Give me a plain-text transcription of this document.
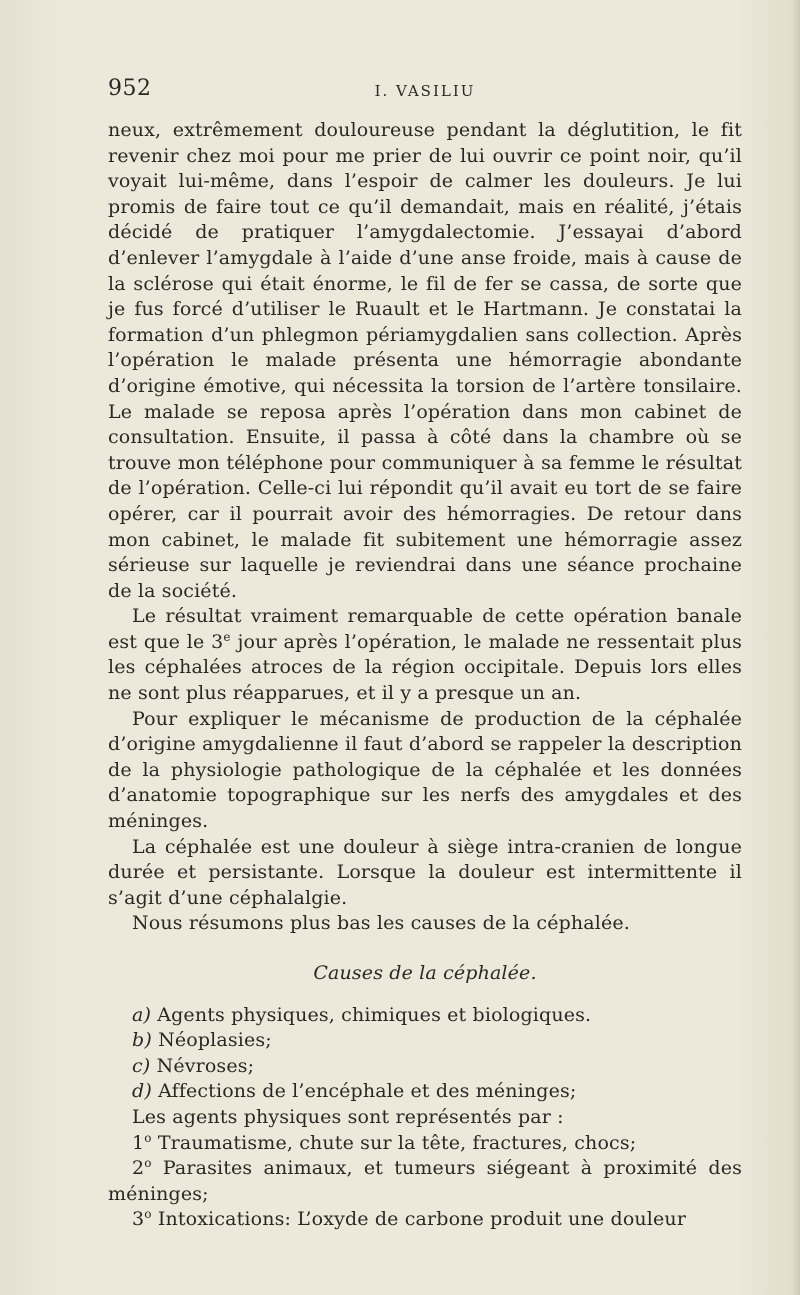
952	I. VASILIU

neux, extrêmement douloureuse pendant la déglutition, le fit revenir chez moi pour me prier de lui ouvrir ce point noir, qu’il voyait lui-même, dans l’espoir de calmer les douleurs. Je lui promis de faire tout ce qu’il demandait, mais en réalité, j’étais décidé de pratiquer l’amygdalectomie. J’essayai d’abord d’enlever l’amygdale à l’aide d’une anse froide, mais à cause de la sclérose qui était énorme, le fil de fer se cassa, de sorte que je fus forcé d’utiliser le Ruault et le Hartmann. Je constatai la formation d’un phlegmon périamygdalien sans collection. Après l’opération le malade présenta une hémorragie abondante d’origine émotive, qui nécessita la torsion de l’artère tonsilaire. Le malade se reposa après l’opération dans mon cabinet de consultation. Ensuite, il passa à côté dans la chambre où se trouve mon téléphone pour communiquer à sa femme le résultat de l’opération. Celle-ci lui répondit qu’il avait eu tort de se faire opérer, car il pourrait avoir des hémorragies. De retour dans mon cabinet, le malade fit subitement une hémorragie assez sérieuse sur laquelle je reviendrai dans une séance prochaine de la société.

Le résultat vraiment remarquable de cette opération banale est que le 3e jour après l’opération, le malade ne ressentait plus les céphalées atroces de la région occipitale. Depuis lors elles ne sont plus réapparues, et il y a presque un an.

Pour expliquer le mécanisme de production de la céphalée d’origine amygdalienne il faut d’abord se rappeler la description de la physiologie pathologique de la céphalée et les données d’anatomie topographique sur les nerfs des amygdales et des méninges.

La céphalée est une douleur à siège intra-cranien de longue durée et persistante. Lorsque la douleur est intermittente il s’agit d’une céphalalgie.

Nous résumons plus bas les causes de la céphalée.

Causes de la céphalée.

a) Agents physiques, chimiques et biologiques.

b) Néoplasies;

c) Névroses;

d) Affections de l’encéphale et des méninges;

Les agents physiques sont représentés par :

1$^o$ Traumatisme, chute sur la tête, fractures, chocs;

2$^o$ Parasites animaux, et tumeurs siégeant à proximité des méninges;

3$^o$ Intoxications: L’oxyde de carbone produit une douleur
